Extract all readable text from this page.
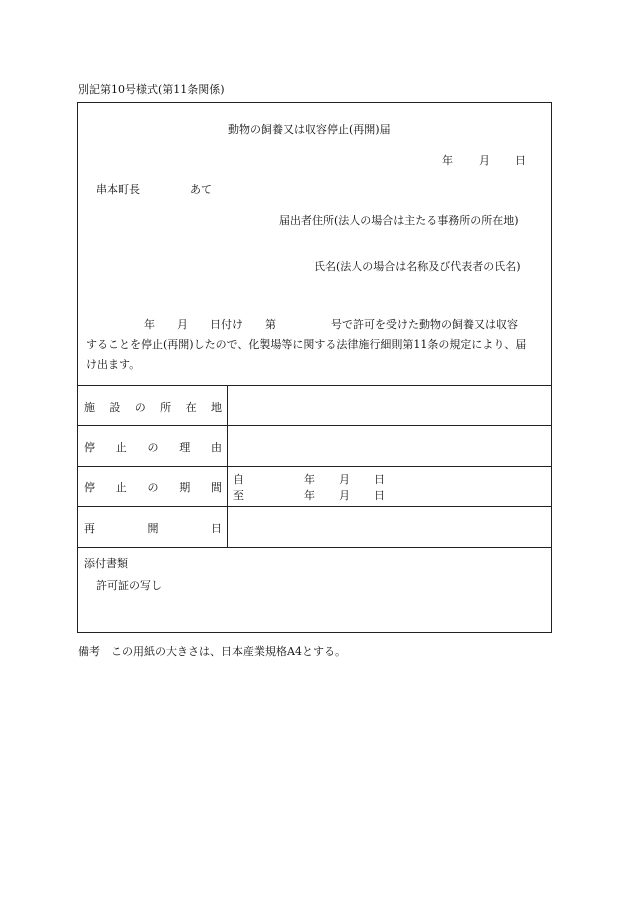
別記第10号様式(第11条関係)
動物の飼養又は収容停止(再開)届
年 月 日
串本町長	あて
届出者住所(法人の場合は主たる事務所の所在地)
氏名(法人の場合は名称及び代表者の氏名)
年　　月　　日付け　　第　　　　　号で許可を受けた動物の飼養又は収容
することを停止(再開)したので、化製場等に関する法律施行細則第11条の規定により、届
け出ます。
施 設 の 所 在 地
停 止 の 理 由
停 止 の 期 間
自	年 月 日
至	年 月 日
再	開	日
添付書類
許可証の写し
備考　この用紙の大きさは、日本産業規格A4とする。
